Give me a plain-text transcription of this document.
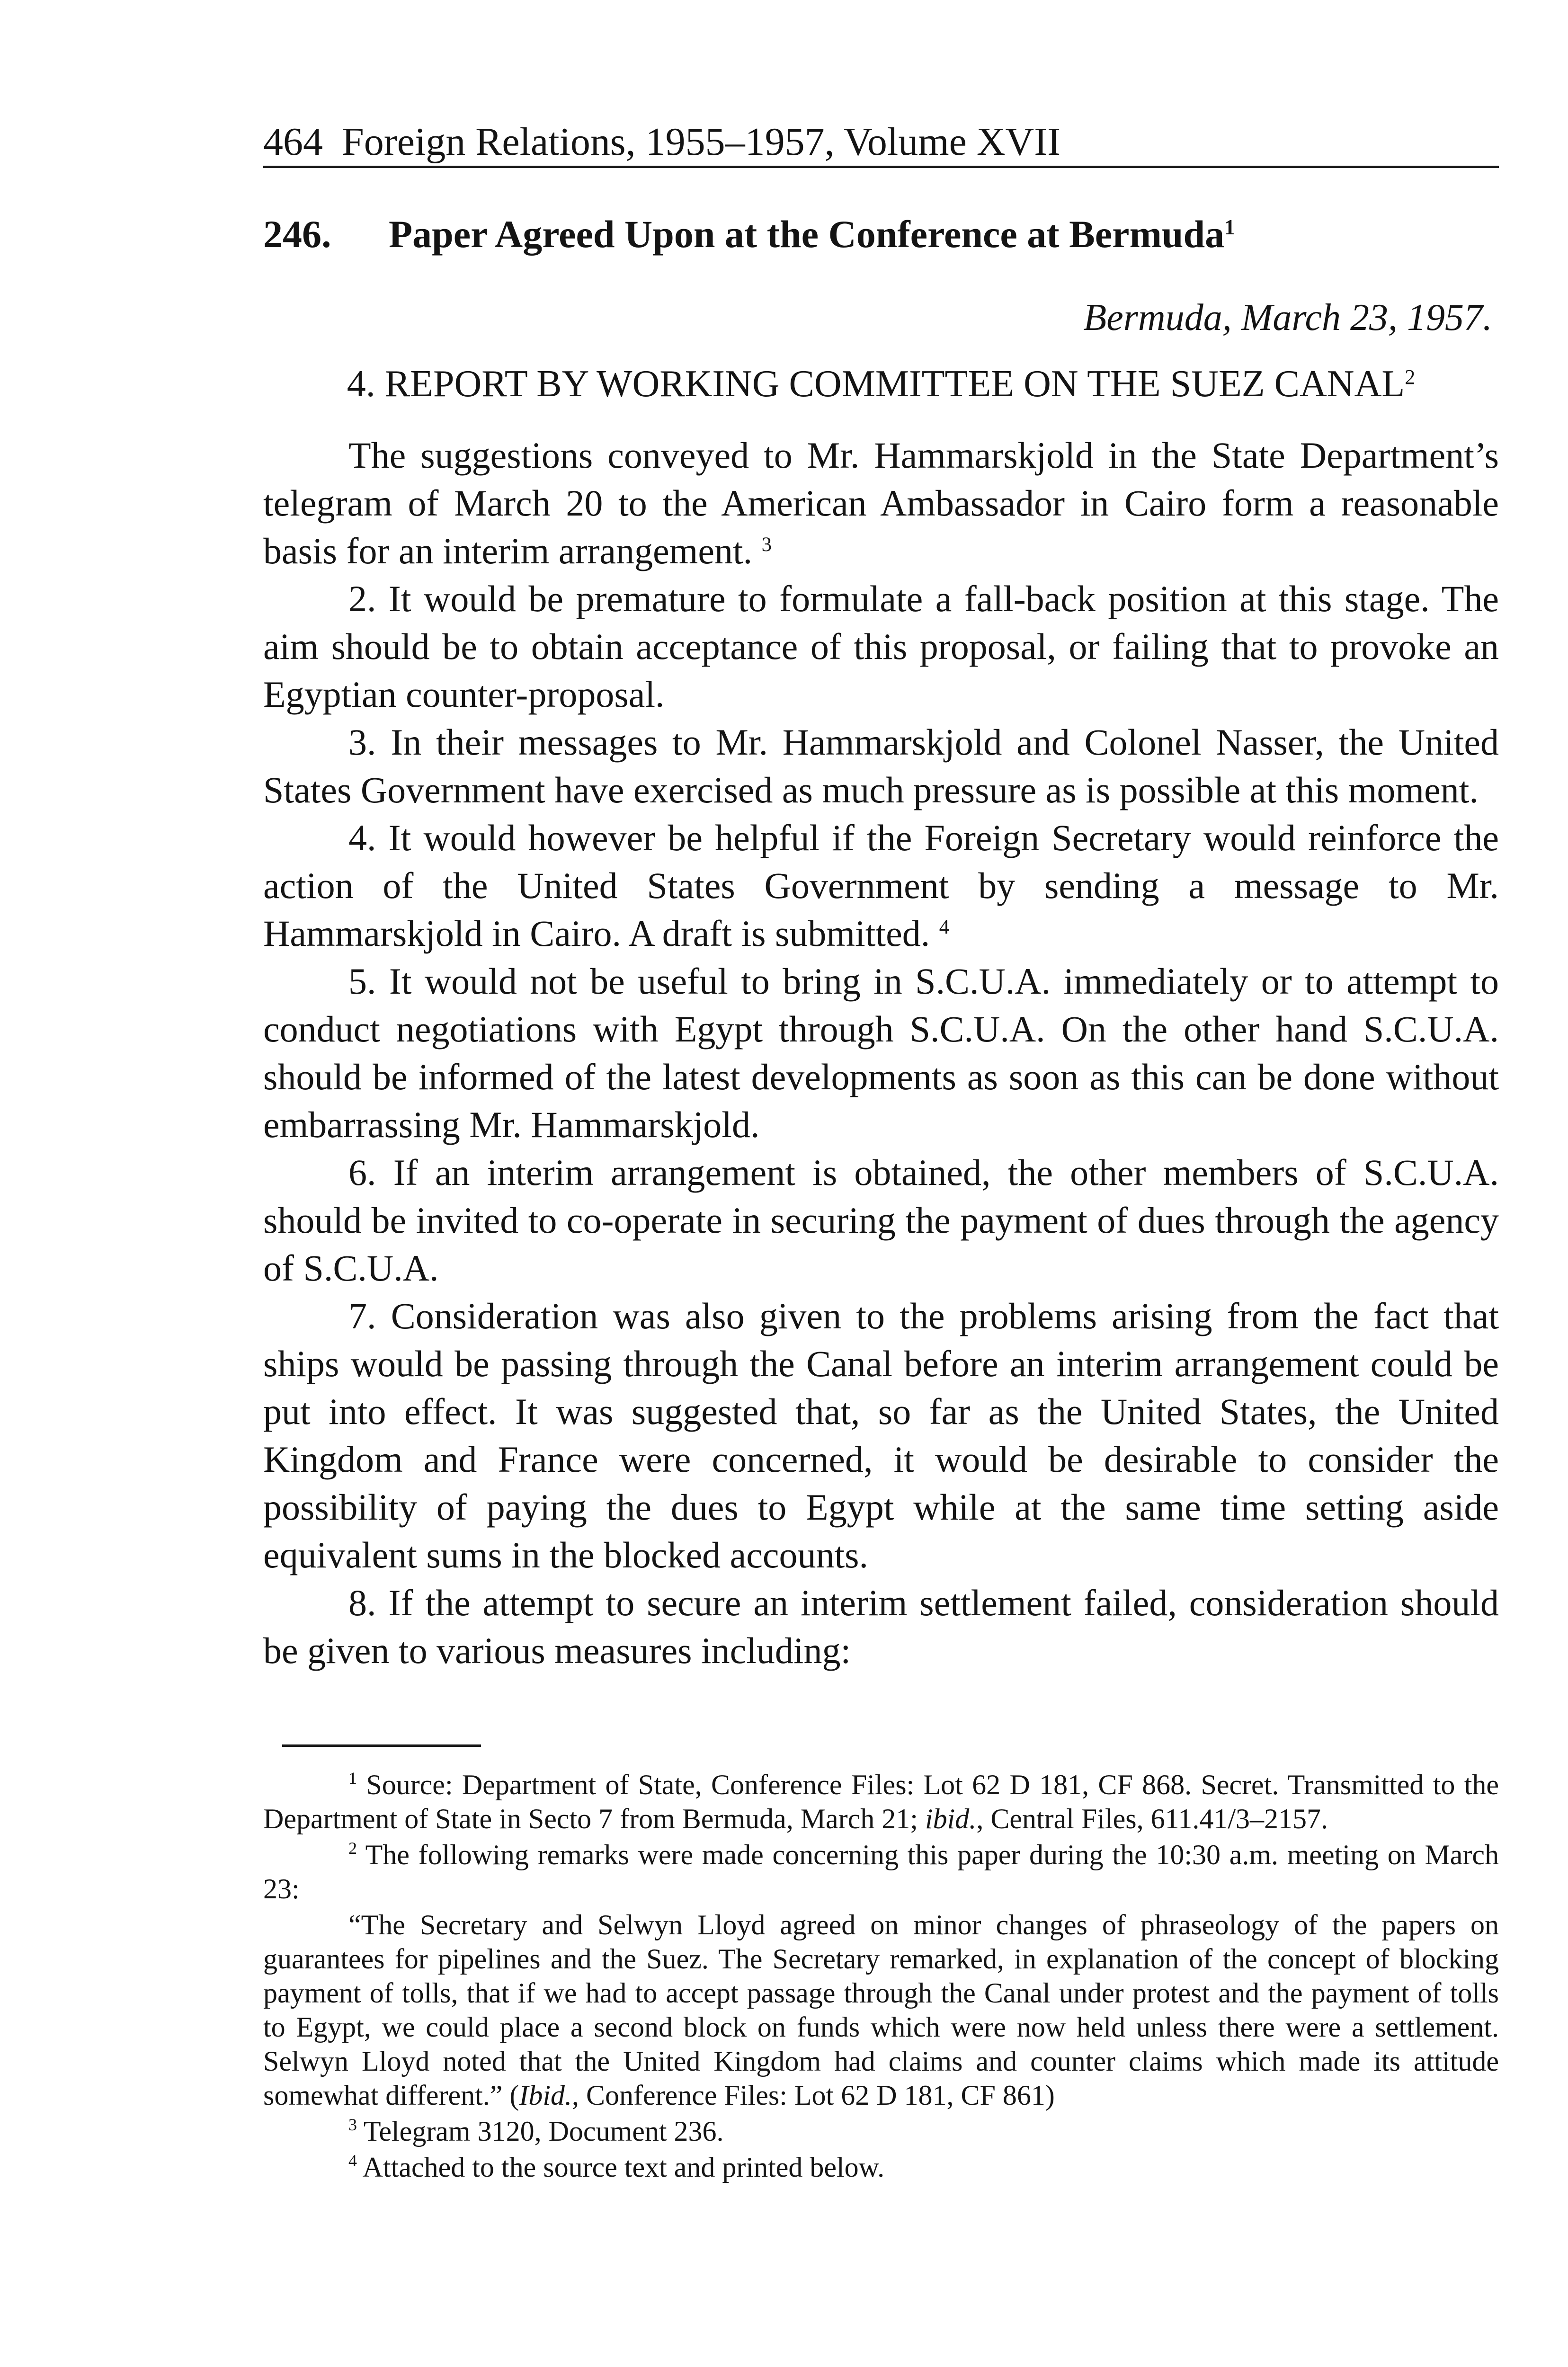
464 Foreign Relations, 1955–1957, Volume XVII
246. Paper Agreed Upon at the Conference at Bermuda$^1$
Bermuda, March 23, 1957.
4. REPORT BY WORKING COMMITTEE ON THE SUEZ CANAL$^2$

The suggestions conveyed to Mr. Hammarskjold in the State Department’s telegram of March 20 to the American Ambassador in Cairo form a reasonable basis for an interim arrangement. $^3$

2. It would be premature to formulate a fall-back position at this stage. The aim should be to obtain acceptance of this proposal, or failing that to provoke an Egyptian counter-proposal.

3. In their messages to Mr. Hammarskjold and Colonel Nasser, the United States Government have exercised as much pressure as is possible at this moment.

4. It would however be helpful if the Foreign Secretary would reinforce the action of the United States Government by sending a message to Mr. Hammarskjold in Cairo. A draft is submitted. $^4$

5. It would not be useful to bring in S.C.U.A. immediately or to attempt to conduct negotiations with Egypt through S.C.U.A. On the other hand S.C.U.A. should be informed of the latest developments as soon as this can be done without embarrassing Mr. Hammarskjold.

6. If an interim arrangement is obtained, the other members of S.C.U.A. should be invited to co-operate in securing the payment of dues through the agency of S.C.U.A.

7. Consideration was also given to the problems arising from the fact that ships would be passing through the Canal before an interim arrangement could be put into effect. It was suggested that, so far as the United States, the United Kingdom and France were concerned, it would be desirable to consider the possibility of paying the dues to Egypt while at the same time setting aside equivalent sums in the blocked accounts.

8. If the attempt to secure an interim settlement failed, consideration should be given to various measures including:

$^1$ Source: Department of State, Conference Files: Lot 62 D 181, CF 868. Secret. Transmitted to the Department of State in Secto 7 from Bermuda, March 21; ibid., Central Files, 611.41/3–2157.

$^2$ The following remarks were made concerning this paper during the 10:30 a.m. meeting on March 23:

“The Secretary and Selwyn Lloyd agreed on minor changes of phraseology of the papers on guarantees for pipelines and the Suez. The Secretary remarked, in explanation of the concept of blocking payment of tolls, that if we had to accept passage through the Canal under protest and the payment of tolls to Egypt, we could place a second block on funds which were now held unless there were a settlement. Selwyn Lloyd noted that the United Kingdom had claims and counter claims which made its attitude somewhat different.” (Ibid., Conference Files: Lot 62 D 181, CF 861)

$^3$ Telegram 3120, Document 236.

$^4$ Attached to the source text and printed below.
